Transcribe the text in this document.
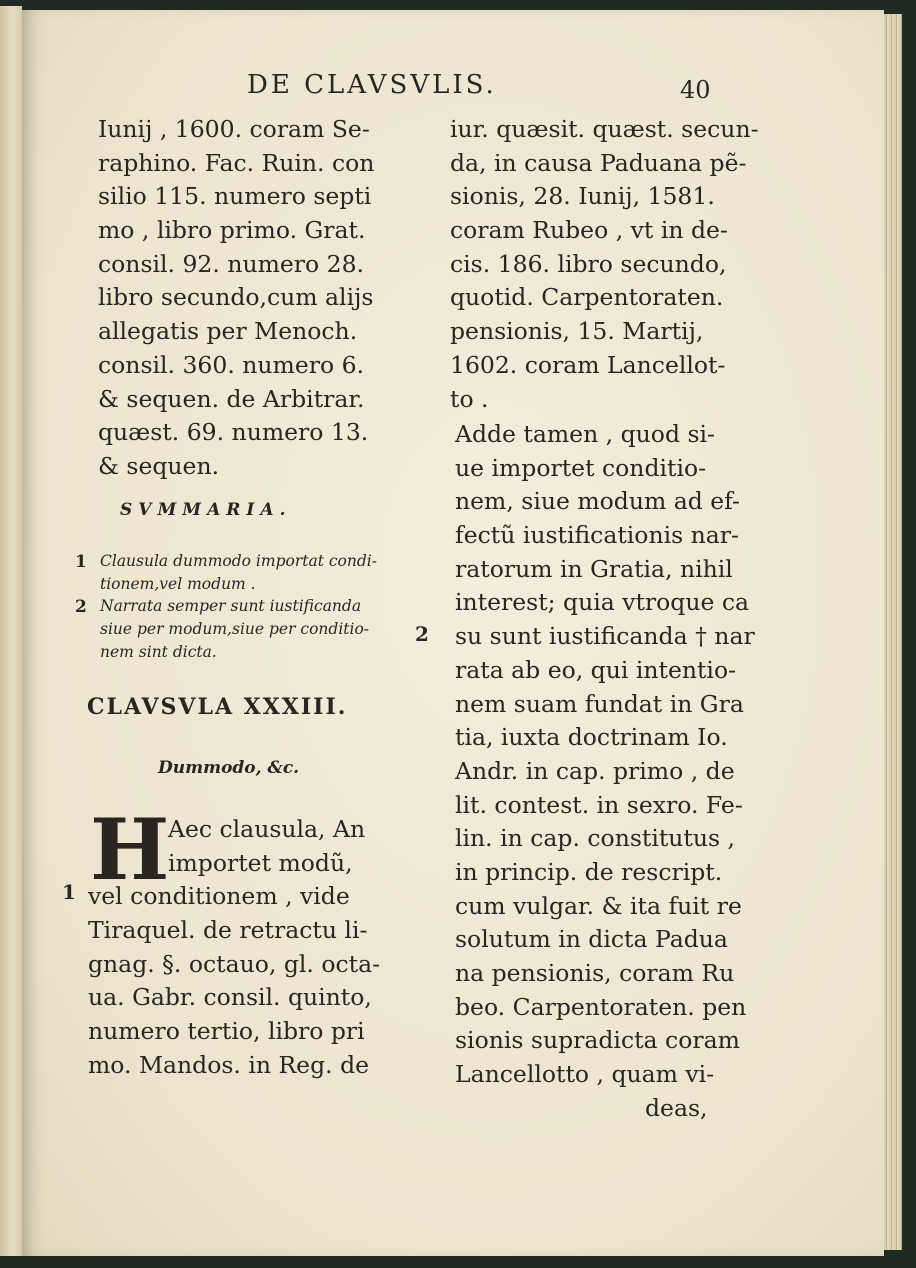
DE CLAVSVLIS.	40
Iunij , 1600. coram Se-
raphino. Fac. Ruin. con
silio 115. numero septi
mo , libro primo. Grat.
consil. 92. numero 28.
libro secundo,cum alijs
allegatis per Menoch.
consil. 360. numero 6.
& sequen. de Arbitrar.
quæst. 69. numero 13.
& sequen.
SVMMARIA.
1 Clausula dummodo importat condi-
tionem,vel modum .
2 Narrata semper sunt iustificanda
siue per modum,siue per conditio-
nem sint dicta.
CLAVSVLA XXXIII.
Dummodo, &c.
H
1
Aec clausula, An
importet modũ,
vel conditionem , vide
Tiraquel. de retractu li-
gnag. §. octauo, gl. octa-
ua. Gabr. consil. quinto,
numero tertio, libro pri
mo. Mandos. in Reg. de
iur. quæsit. quæst. secun-
da, in causa Paduana pẽ-
sionis, 28. Iunij, 1581.
coram Rubeo , vt in de-
cis. 186. libro secundo,
quotid. Carpentoraten.
pensionis, 15. Martij,
1602. coram Lancellot-
to .
2
Adde tamen , quod si-
ue importet conditio-
nem, siue modum ad ef-
fectũ iustificationis nar-
ratorum in Gratia, nihil
interest; quia vtroque ca
su sunt iustificanda † nar
rata ab eo, qui intentio-
nem suam fundat in Gra
tia, iuxta doctrinam Io.
Andr. in cap. primo , de
lit. contest. in sexro. Fe-
lin. in cap. constitutus ,
in princip. de rescript.
cum vulgar. & ita fuit re
solutum in dicta Padua
na pensionis, coram Ru
beo. Carpentoraten. pen
sionis supradicta coram
Lancellotto , quam vi-
deas,
